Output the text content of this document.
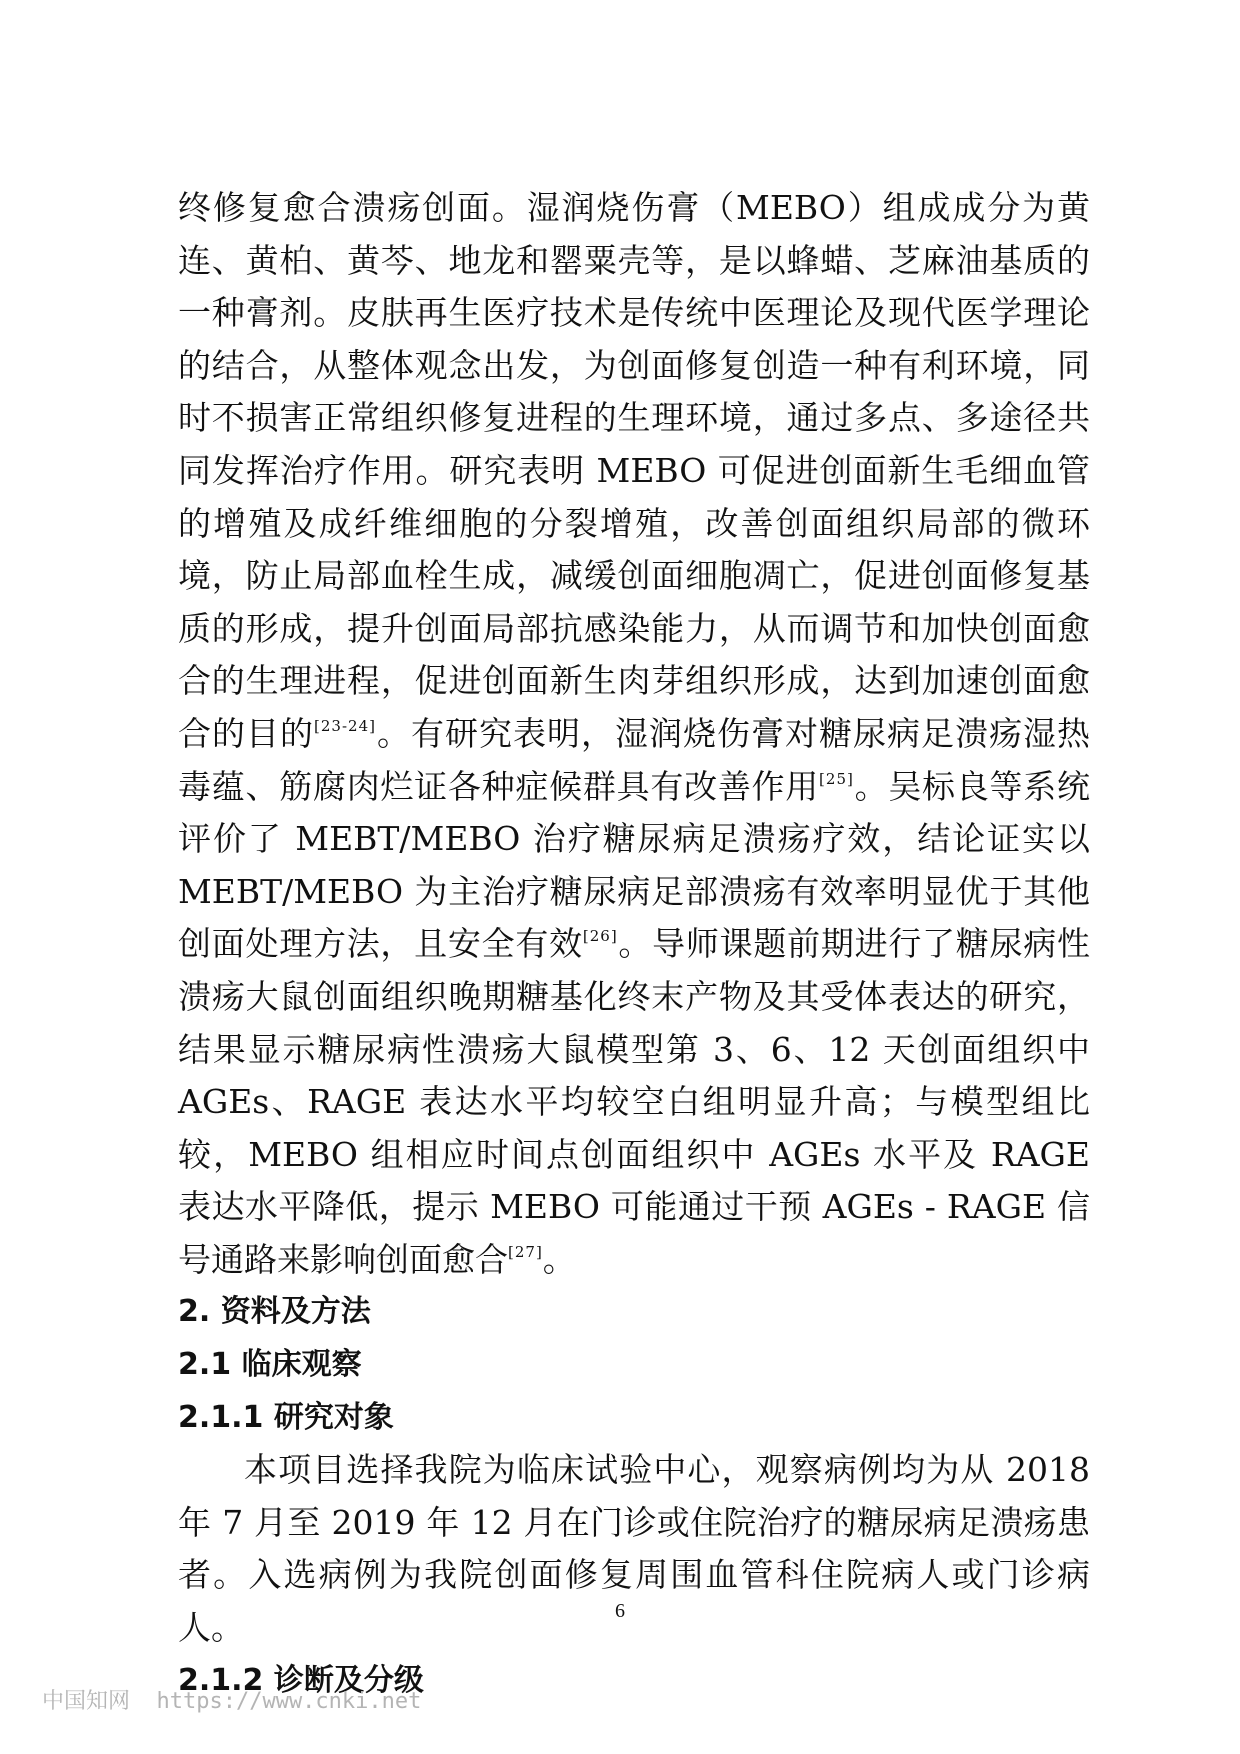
终修复愈合溃疡创面。湿润烧伤膏（MEBO）组成成分为黄连、黄柏、黄芩、地龙和罂粟壳等，是以蜂蜡、芝麻油基质的一种膏剂。皮肤再生医疗技术是传统中医理论及现代医学理论的结合，从整体观念出发，为创面修复创造一种有利环境，同时不损害正常组织修复进程的生理环境，通过多点、多途径共同发挥治疗作用。研究表明 MEBO 可促进创面新生毛细血管的增殖及成纤维细胞的分裂增殖，改善创面组织局部的微环境，防止局部血栓生成，减缓创面细胞凋亡，促进创面修复基质的形成，提升创面局部抗感染能力，从而调节和加快创面愈合的生理进程，促进创面新生肉芽组织形成，达到加速创面愈合的目的[23-24]。有研究表明，湿润烧伤膏对糖尿病足溃疡湿热毒蕴、筋腐肉烂证各种症候群具有改善作用[25]。吴标良等系统评价了 MEBT/MEBO 治疗糖尿病足溃疡疗效，结论证实以 MEBT/MEBO 为主治疗糖尿病足部溃疡有效率明显优于其他创面处理方法，且安全有效[26]。导师课题前期进行了糖尿病性溃疡大鼠创面组织晚期糖基化终末产物及其受体表达的研究，结果显示糖尿病性溃疡大鼠模型第 3、6、12 天创面组织中 AGEs、RAGE 表达水平均较空白组明显升高；与模型组比较，MEBO 组相应时间点创面组织中 AGEs 水平及 RAGE 表达水平降低，提示 MEBO 可能通过干预 AGEs - RAGE 信号通路来影响创面愈合[27]。

2. 资料及方法
2.1 临床观察
2.1.1 研究对象

本项目选择我院为临床试验中心，观察病例均为从 2018 年 7 月至 2019 年 12 月在门诊或住院治疗的糖尿病足溃疡患者。入选病例为我院创面修复周围血管科住院病人或门诊病人。

2.1.2 诊断及分级
6
中国知网  https://www.cnki.net
